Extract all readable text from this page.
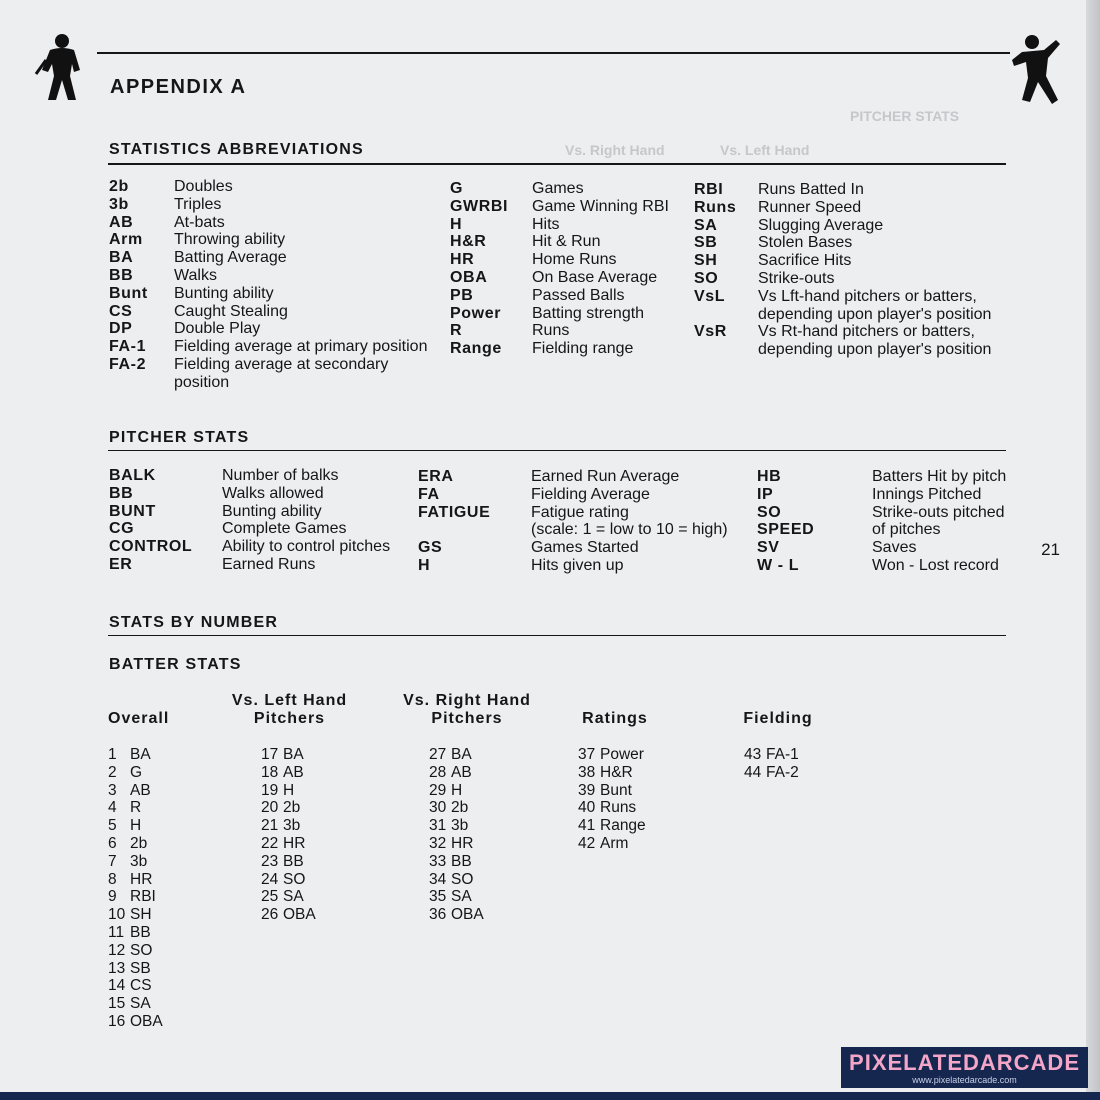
PITCHER STATS
Vs. Left Hand
Vs. Right Hand
APPENDIX A
STATISTICS ABBREVIATIONS
2b
3b
AB
Arm
BA
BB
Bunt
CS
DP
FA-1
FA-2
Doubles
Triples
At-bats
Throwing ability
Batting Average
Walks
Bunting ability
Caught Stealing
Double Play
Fielding average at primary position
Fielding average at secondary
position
G
GWRBI
H
H&R
HR
OBA
PB
Power
R
Range
Games
Game Winning RBI
Hits
Hit & Run
Home Runs
On Base Average
Passed Balls
Batting strength
Runs
Fielding range
RBI
Runs
SA
SB
SH
SO
VsL
VsR
Runs Batted In
Runner Speed
Slugging Average
Stolen Bases
Sacrifice Hits
Strike-outs
Vs Lft-hand pitchers or batters,
depending upon player's position
Vs Rt-hand pitchers or batters,
depending upon player's position
PITCHER STATS
BALK
BB
BUNT
CG
CONTROL
ER
Number of balks
Walks allowed
Bunting ability
Complete Games
Ability to control pitches
Earned Runs
ERA
FA
FATIGUE
GS
H
Earned Run Average
Fielding Average
Fatigue rating
(scale: 1 = low to 10 = high)
Games Started
Hits given up
HB
IP
SO
SPEED
SV
W - L
Batters Hit by pitch
Innings Pitched
Strike-outs pitched
of pitches
Saves
Won - Lost record
21
STATS BY NUMBER
BATTER STATS
Overall
Vs. Left Hand
Pitchers
Vs. Right Hand
Pitchers	Ratings	Fielding
1 BA
2 G
3 AB
4 R
5 H
6 2b
7 3b
8 HR
9 RBI
10 SH
11 BB
12 SO
13 SB
14 CS
15 SA
16 OBA
17 BA
18 AB
19 H
20 2b
21 3b
22 HR
23 BB
24 SO
25 SA
26 OBA
27 BA
28 AB
29 H
30 2b
31 3b
32 HR
33 BB
34 SO
35 SA
36 OBA
37 Power
38 H&R
39 Bunt
40 Runs
41 Range
42 Arm
43 FA-1
44 FA-2
PIXELATEDARCADE
www.pixelatedarcade.com
